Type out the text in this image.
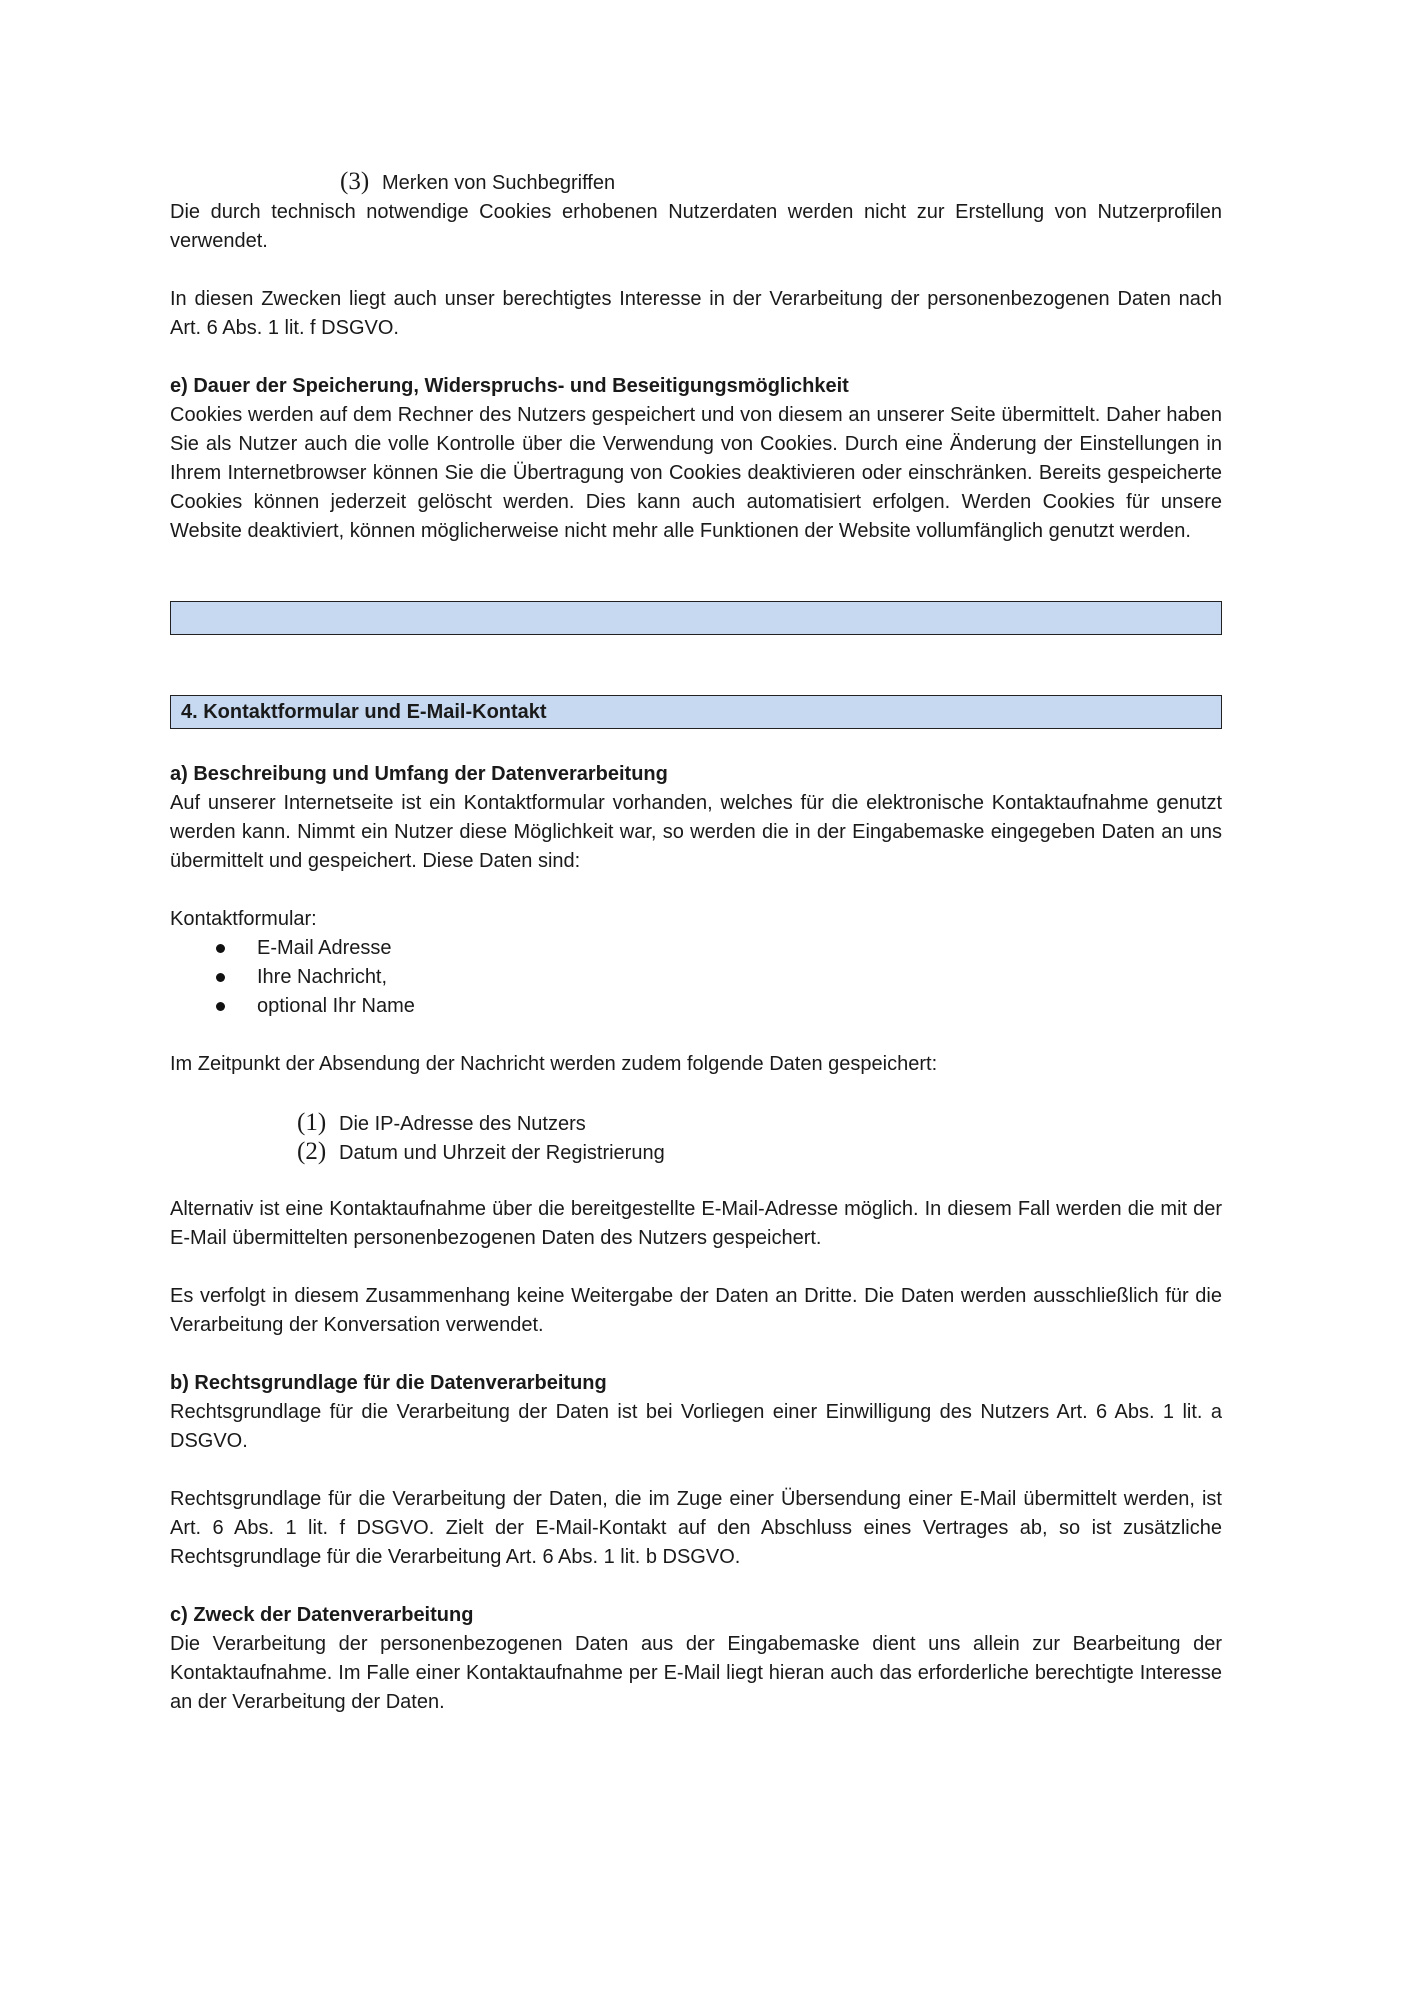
(3) Merken von Suchbegriffen
Die durch technisch notwendige Cookies erhobenen Nutzerdaten werden nicht zur Erstellung von Nutzerprofilen verwendet.
In diesen Zwecken liegt auch unser berechtigtes Interesse in der Verarbeitung der personenbezogenen Daten nach Art. 6 Abs. 1 lit. f DSGVO.
e) Dauer der Speicherung, Widerspruchs- und Beseitigungsmöglichkeit
Cookies werden auf dem Rechner des Nutzers gespeichert und von diesem an unserer Seite übermittelt. Daher haben Sie als Nutzer auch die volle Kontrolle über die Verwendung von Cookies. Durch eine Änderung der Einstellungen in Ihrem Internetbrowser können Sie die Übertragung von Cookies deaktivieren oder einschränken. Bereits gespeicherte Cookies können jederzeit gelöscht werden. Dies kann auch automatisiert erfolgen. Werden Cookies für unsere Website deaktiviert, können möglicherweise nicht mehr alle Funktionen der Website vollumfänglich genutzt werden.
4. Kontaktformular und E-Mail-Kontakt
a) Beschreibung und Umfang der Datenverarbeitung
Auf unserer Internetseite ist ein Kontaktformular vorhanden, welches für die elektronische Kontaktaufnahme genutzt werden kann. Nimmt ein Nutzer diese Möglichkeit war, so werden die in der Eingabemaske eingegeben Daten an uns übermittelt und gespeichert. Diese Daten sind:
Kontaktformular:
E-Mail Adresse
Ihre Nachricht,
optional Ihr Name
Im Zeitpunkt der Absendung der Nachricht werden zudem folgende Daten gespeichert:
(1) Die IP-Adresse des Nutzers
(2) Datum und Uhrzeit der Registrierung
Alternativ ist eine Kontaktaufnahme über die bereitgestellte E-Mail-Adresse möglich. In diesem Fall werden die mit der E-Mail übermittelten personenbezogenen Daten des Nutzers gespeichert.
Es verfolgt in diesem Zusammenhang keine Weitergabe der Daten an Dritte. Die Daten werden ausschließlich für die Verarbeitung der Konversation verwendet.
b) Rechtsgrundlage für die Datenverarbeitung
Rechtsgrundlage für die Verarbeitung der Daten ist bei Vorliegen einer Einwilligung des Nutzers Art. 6 Abs. 1 lit. a DSGVO.
Rechtsgrundlage für die Verarbeitung der Daten, die im Zuge einer Übersendung einer E-Mail übermittelt werden, ist Art. 6 Abs. 1 lit. f DSGVO. Zielt der E-Mail-Kontakt auf den Abschluss eines Vertrages ab, so ist zusätzliche Rechtsgrundlage für die Verarbeitung Art. 6 Abs. 1 lit. b DSGVO.
c) Zweck der Datenverarbeitung
Die Verarbeitung der personenbezogenen Daten aus der Eingabemaske dient uns allein zur Bearbeitung der Kontaktaufnahme. Im Falle einer Kontaktaufnahme per E-Mail liegt hieran auch das erforderliche berechtigte Interesse an der Verarbeitung der Daten.
